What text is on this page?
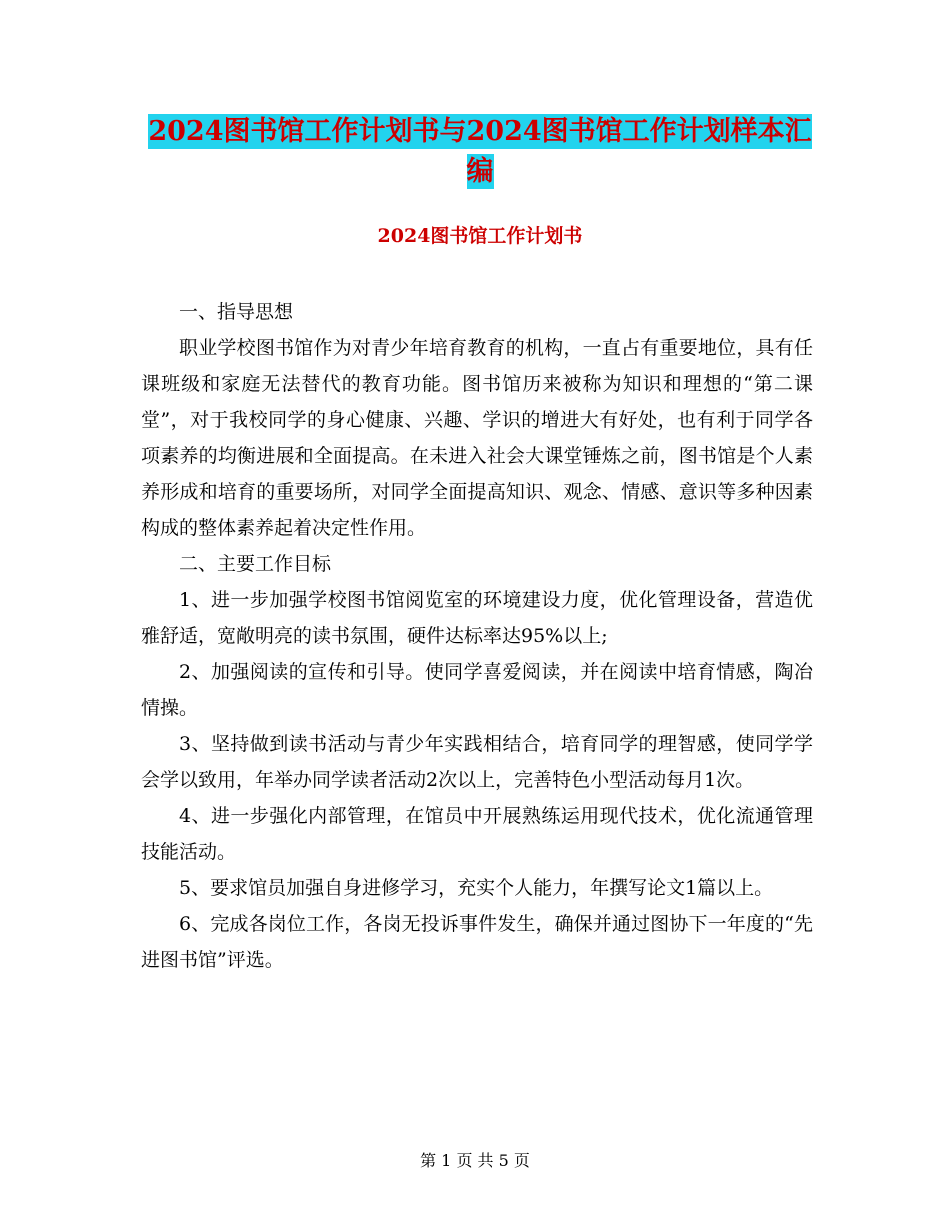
2024图书馆工作计划书与2024图书馆工作计划样本汇
编
2024图书馆工作计划书

一、指导思想

职业学校图书馆作为对青少年培育教育的机构，一直占有重要地位，具有任课班级和家庭无法替代的教育功能。图书馆历来被称为知识和理想的“第二课堂”，对于我校同学的身心健康、兴趣、学识的增进大有好处，也有利于同学各项素养的均衡进展和全面提高。在未进入社会大课堂锤炼之前，图书馆是个人素养形成和培育的重要场所，对同学全面提高知识、观念、情感、意识等多种因素构成的整体素养起着决定性作用。

二、主要工作目标

1、进一步加强学校图书馆阅览室的环境建设力度，优化管理设备，营造优雅舒适，宽敞明亮的读书氛围，硬件达标率达95%以上;

2、加强阅读的宣传和引导。使同学喜爱阅读，并在阅读中培育情感，陶冶情操。

3、坚持做到读书活动与青少年实践相结合，培育同学的理智感，使同学学会学以致用，年举办同学读者活动2次以上，完善特色小型活动每月1次。

4、进一步强化内部管理，在馆员中开展熟练运用现代技术，优化流通管理技能活动。

5、要求馆员加强自身进修学习，充实个人能力，年撰写论文1篇以上。

6、完成各岗位工作，各岗无投诉事件发生，确保并通过图协下一年度的“先进图书馆”评选。

第 1 页 共 5 页
